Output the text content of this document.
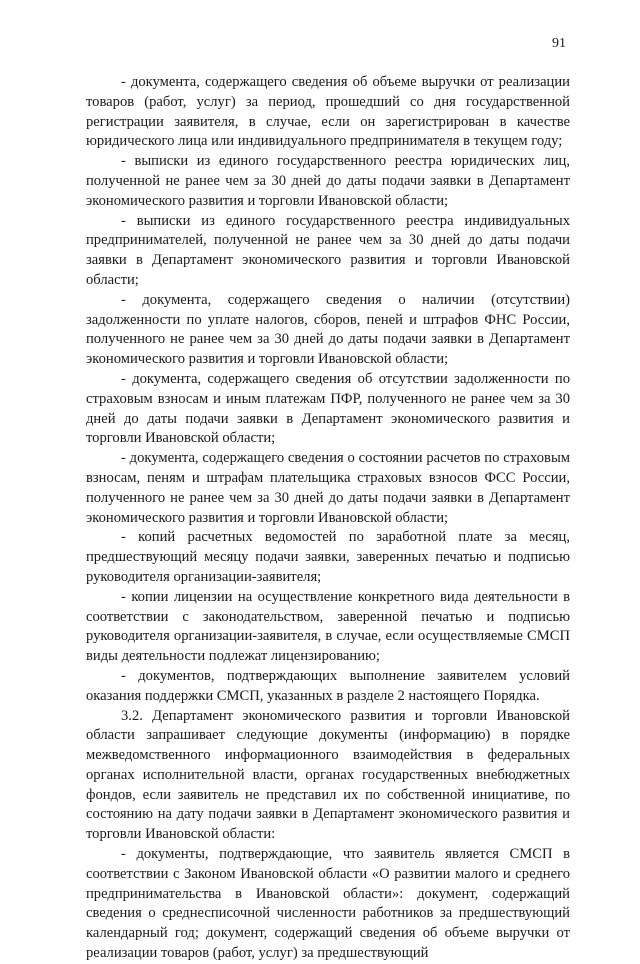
91

- документа, содержащего сведения об объеме выручки от реализации товаров (работ, услуг) за период, прошедший со дня государственной регистрации заявителя, в случае, если он зарегистрирован в качестве юридического лица или индивидуального предпринимателя в текущем году;

- выписки из единого государственного реестра юридических лиц, полученной не ранее чем за 30 дней до даты подачи заявки в Департамент экономического развития и торговли Ивановской области;

- выписки из единого государственного реестра индивидуальных предпринимателей, полученной не ранее чем за 30 дней до даты подачи заявки в Департамент экономического развития и торговли Ивановской области;

- документа, содержащего сведения о наличии (отсутствии) задолженности по уплате налогов, сборов, пеней и штрафов ФНС России, полученного не ранее чем за 30 дней до даты подачи заявки в Департамент экономического развития и торговли Ивановской области;

- документа, содержащего сведения об отсутствии задолженности по страховым взносам и иным платежам ПФР, полученного не ранее чем за 30 дней до даты подачи заявки в Департамент экономического развития и торговли Ивановской области;

- документа, содержащего сведения о состоянии расчетов по страховым взносам, пеням и штрафам плательщика страховых взносов ФСС России, полученного не ранее чем за 30 дней до даты подачи заявки в Департамент экономического развития и торговли Ивановской области;

- копий расчетных ведомостей по заработной плате за месяц, предшествующий месяцу подачи заявки, заверенных печатью и подписью руководителя организации-заявителя;

- копии лицензии на осуществление конкретного вида деятельности в соответствии с законодательством, заверенной печатью и подписью руководителя организации-заявителя, в случае, если осуществляемые СМСП виды деятельности подлежат лицензированию;

- документов, подтверждающих выполнение заявителем условий оказания поддержки СМСП, указанных в разделе 2 настоящего Порядка.

3.2. Департамент экономического развития и торговли Ивановской области запрашивает следующие документы (информацию) в порядке межведомственного информационного взаимодействия в федеральных органах исполнительной власти, органах государственных внебюджетных фондов, если заявитель не представил их по собственной инициативе, по состоянию на дату подачи заявки в Департамент экономического развития и торговли Ивановской области:

- документы, подтверждающие, что заявитель является СМСП в соответствии с Законом Ивановской области «О развитии малого и среднего предпринимательства в Ивановской области»: документ, содержащий сведения о среднесписочной численности работников за предшествующий календарный год; документ, содержащий сведения об объеме выручки от реализации товаров (работ, услуг) за предшествующий
